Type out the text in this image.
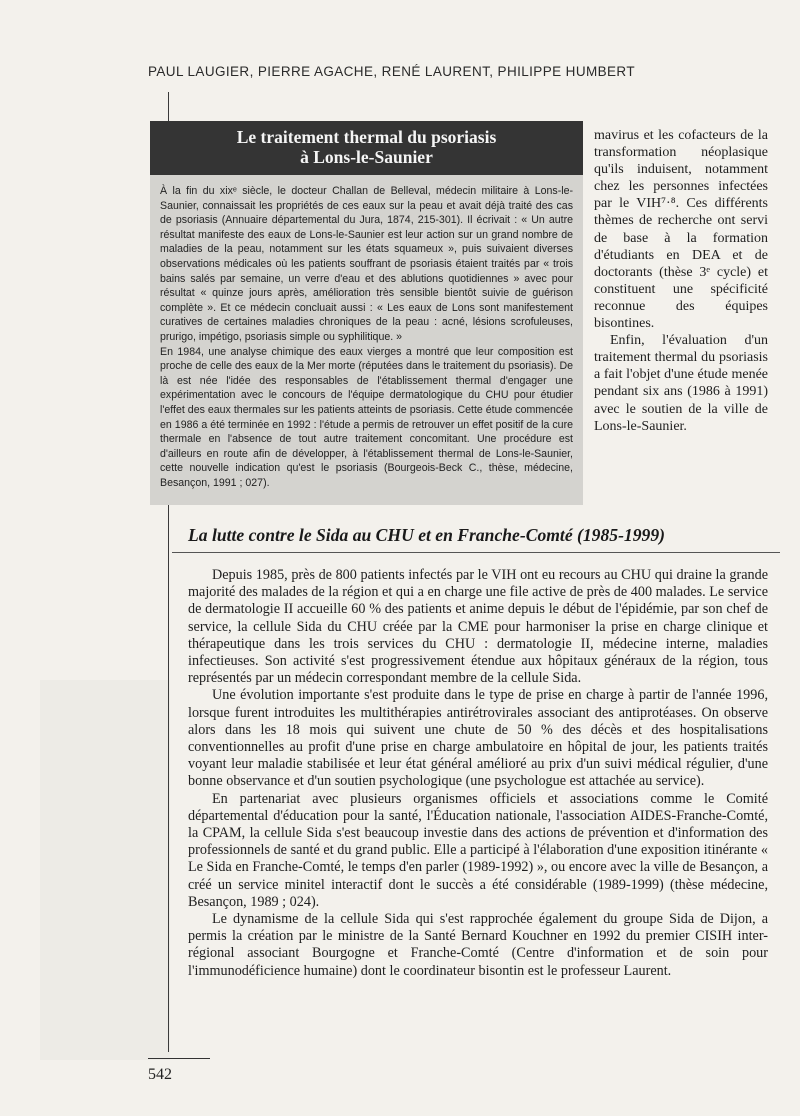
PAUL LAUGIER, PIERRE AGACHE, RENÉ LAURENT, PHILIPPE HUMBERT
Le traitement thermal du psoriasis
à Lons-le-Saunier

À la fin du xixᵉ siècle, le docteur Challan de Belleval, médecin militaire à Lons-le-Saunier, connaissait les propriétés de ces eaux sur la peau et avait déjà traité des cas de psoriasis (Annuaire départemental du Jura, 1874, 215-301). Il écrivait : « Un autre résultat manifeste des eaux de Lons-le-Saunier est leur action sur un grand nombre de maladies de la peau, notamment sur les états squameux », puis suivaient diverses observations médicales où les patients souffrant de psoriasis étaient traités par « trois bains salés par semaine, un verre d'eau et des ablutions quotidiennes » avec pour résultat « quinze jours après, amélioration très sensible bientôt suivie de guérison complète ». Et ce médecin concluait aussi : « Les eaux de Lons sont manifestement curatives de certaines maladies chroniques de la peau : acné, lésions scrofuleuses, prurigo, impétigo, psoriasis simple ou syphilitique. »

En 1984, une analyse chimique des eaux vierges a montré que leur composition est proche de celle des eaux de la Mer morte (réputées dans le traitement du psoriasis). De là est née l'idée des responsables de l'établissement thermal d'engager une expérimentation avec le concours de l'équipe dermatologique du CHU pour étudier l'effet des eaux thermales sur les patients atteints de psoriasis. Cette étude commencée en 1986 a été terminée en 1992 : l'étude a permis de retrouver un effet positif de la cure thermale en l'absence de tout autre traitement concomitant. Une procédure est d'ailleurs en route afin de développer, à l'établissement thermal de Lons-le-Saunier, cette nouvelle indication qu'est le psoriasis (Bourgeois-Beck C., thèse, médecine, Besançon, 1991 ; 027).

mavirus et les cofacteurs de la transformation néoplasique qu'ils induisent, notamment chez les personnes infectées par le VIH⁷·⁸. Ces différents thèmes de recherche ont servi de base à la formation d'étudiants en DEA et de doctorants (thèse 3ᵉ cycle) et constituent une spécificité reconnue des équipes bisontines.

Enfin, l'évaluation d'un traitement thermal du psoriasis a fait l'objet d'une étude menée pendant six ans (1986 à 1991) avec le soutien de la ville de Lons-le-Saunier.

La lutte contre le Sida au CHU et en Franche-Comté (1985-1999)

Depuis 1985, près de 800 patients infectés par le VIH ont eu recours au CHU qui draine la grande majorité des malades de la région et qui a en charge une file active de près de 400 malades. Le service de dermatologie II accueille 60 % des patients et anime depuis le début de l'épidémie, par son chef de service, la cellule Sida du CHU créée par la CME pour harmoniser la prise en charge clinique et thérapeutique dans les trois services du CHU : dermatologie II, médecine interne, maladies infectieuses. Son activité s'est progressivement étendue aux hôpitaux généraux de la région, tous représentés par un médecin correspondant membre de la cellule Sida.

Une évolution importante s'est produite dans le type de prise en charge à partir de l'année 1996, lorsque furent introduites les multithérapies antirétrovirales associant des antiprotéases. On observe alors dans les 18 mois qui suivent une chute de 50 % des décès et des hospitalisations conventionnelles au profit d'une prise en charge ambulatoire en hôpital de jour, les patients traités voyant leur maladie stabilisée et leur état général amélioré au prix d'un suivi médical régulier, d'une bonne observance et d'un soutien psychologique (une psychologue est attachée au service).

En partenariat avec plusieurs organismes officiels et associations comme le Comité départemental d'éducation pour la santé, l'Éducation nationale, l'association AIDES-Franche-Comté, la CPAM, la cellule Sida s'est beaucoup investie dans des actions de prévention et d'information des professionnels de santé et du grand public. Elle a participé à l'élaboration d'une exposition itinérante « Le Sida en Franche-Comté, le temps d'en parler (1989-1992) », ou encore avec la ville de Besançon, a créé un service minitel interactif dont le succès a été considérable (1989-1999) (thèse médecine, Besançon, 1989 ; 024).

Le dynamisme de la cellule Sida qui s'est rapprochée également du groupe Sida de Dijon, a permis la création par le ministre de la Santé Bernard Kouchner en 1992 du premier CISIH inter-régional associant Bourgogne et Franche-Comté (Centre d'information et de soin pour l'immunodéficience humaine) dont le coordinateur bisontin est le professeur Laurent.

542
